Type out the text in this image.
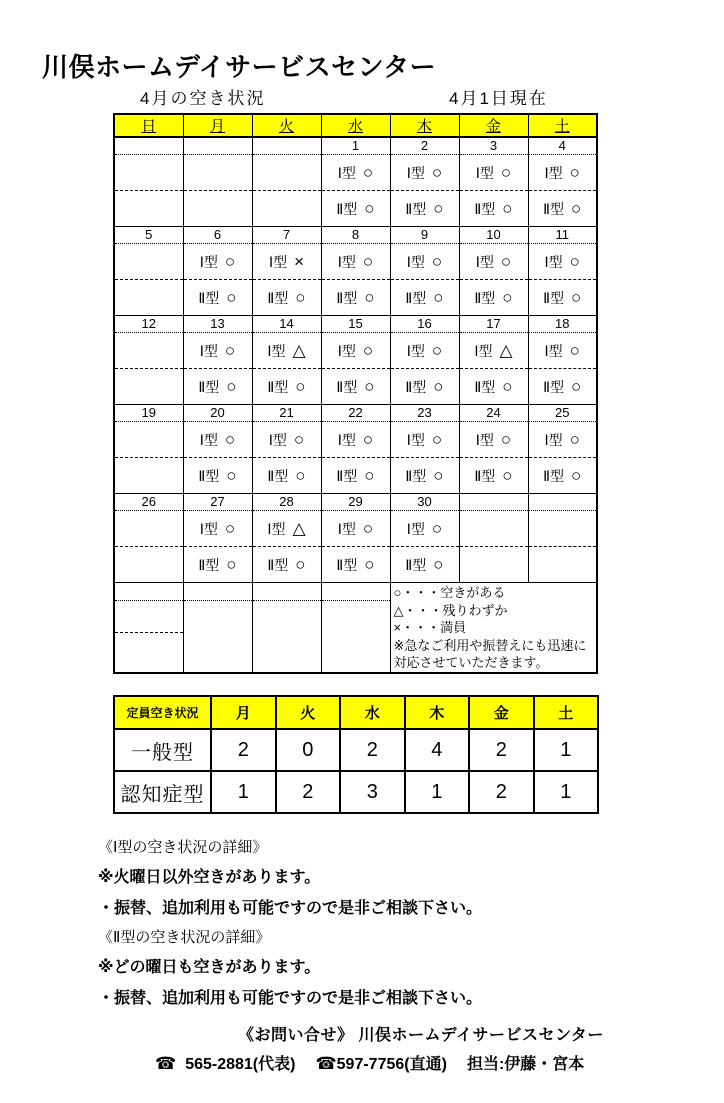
川俣ホームデイサービスセンター
4月の空き状況	4月1日現在
日	月	火	水	木	金	土
			1	2	3	4

			Ⅰ型 ○	Ⅰ型 ○	Ⅰ型 ○	Ⅰ型 ○

			Ⅱ型 ○	Ⅱ型 ○	Ⅱ型 ○	Ⅱ型 ○

5	6	7	8	9	10	11

	Ⅰ型 ○	Ⅰ型 ×	Ⅰ型 ○	Ⅰ型 ○	Ⅰ型 ○	Ⅰ型 ○

	Ⅱ型 ○	Ⅱ型 ○	Ⅱ型 ○	Ⅱ型 ○	Ⅱ型 ○	Ⅱ型 ○

12	13	14	15	16	17	18

	Ⅰ型 ○	Ⅰ型 △	Ⅰ型 ○	Ⅰ型 ○	Ⅰ型 △	Ⅰ型 ○

	Ⅱ型 ○	Ⅱ型 ○	Ⅱ型 ○	Ⅱ型 ○	Ⅱ型 ○	Ⅱ型 ○

19	20	21	22	23	24	25

	Ⅰ型 ○	Ⅰ型 ○	Ⅰ型 ○	Ⅰ型 ○	Ⅰ型 ○	Ⅰ型 ○

	Ⅱ型 ○	Ⅱ型 ○	Ⅱ型 ○	Ⅱ型 ○	Ⅱ型 ○	Ⅱ型 ○

26	27	28	29	30		

	Ⅰ型 ○	Ⅰ型 △	Ⅰ型 ○	Ⅰ型 ○		

	Ⅱ型 ○	Ⅱ型 ○	Ⅱ型 ○	Ⅱ型 ○		

				○・・・空きがある
△・・・残りわずか
×・・・満員
※急なご利用や振替えにも迅速に対応させていただきます。		

定員空き状況	月	火	水	木	金	土
一般型	2	0	2	4	2	1
認知症型	1	2	3	1	2	1
《Ⅰ型の空き状況の詳細》
※火曜日以外空きがあります。
・振替、追加利用も可能ですので是非ご相談下さい。
《Ⅱ型の空き状況の詳細》
※どの曜日も空きがあります。
・振替、追加利用も可能ですので是非ご相談下さい。
《お問い合せ》 川俣ホームデイサービスセンター
☎ 565-2881(代表) ☎597-7756(直通) 担当:伊藤・宮本
